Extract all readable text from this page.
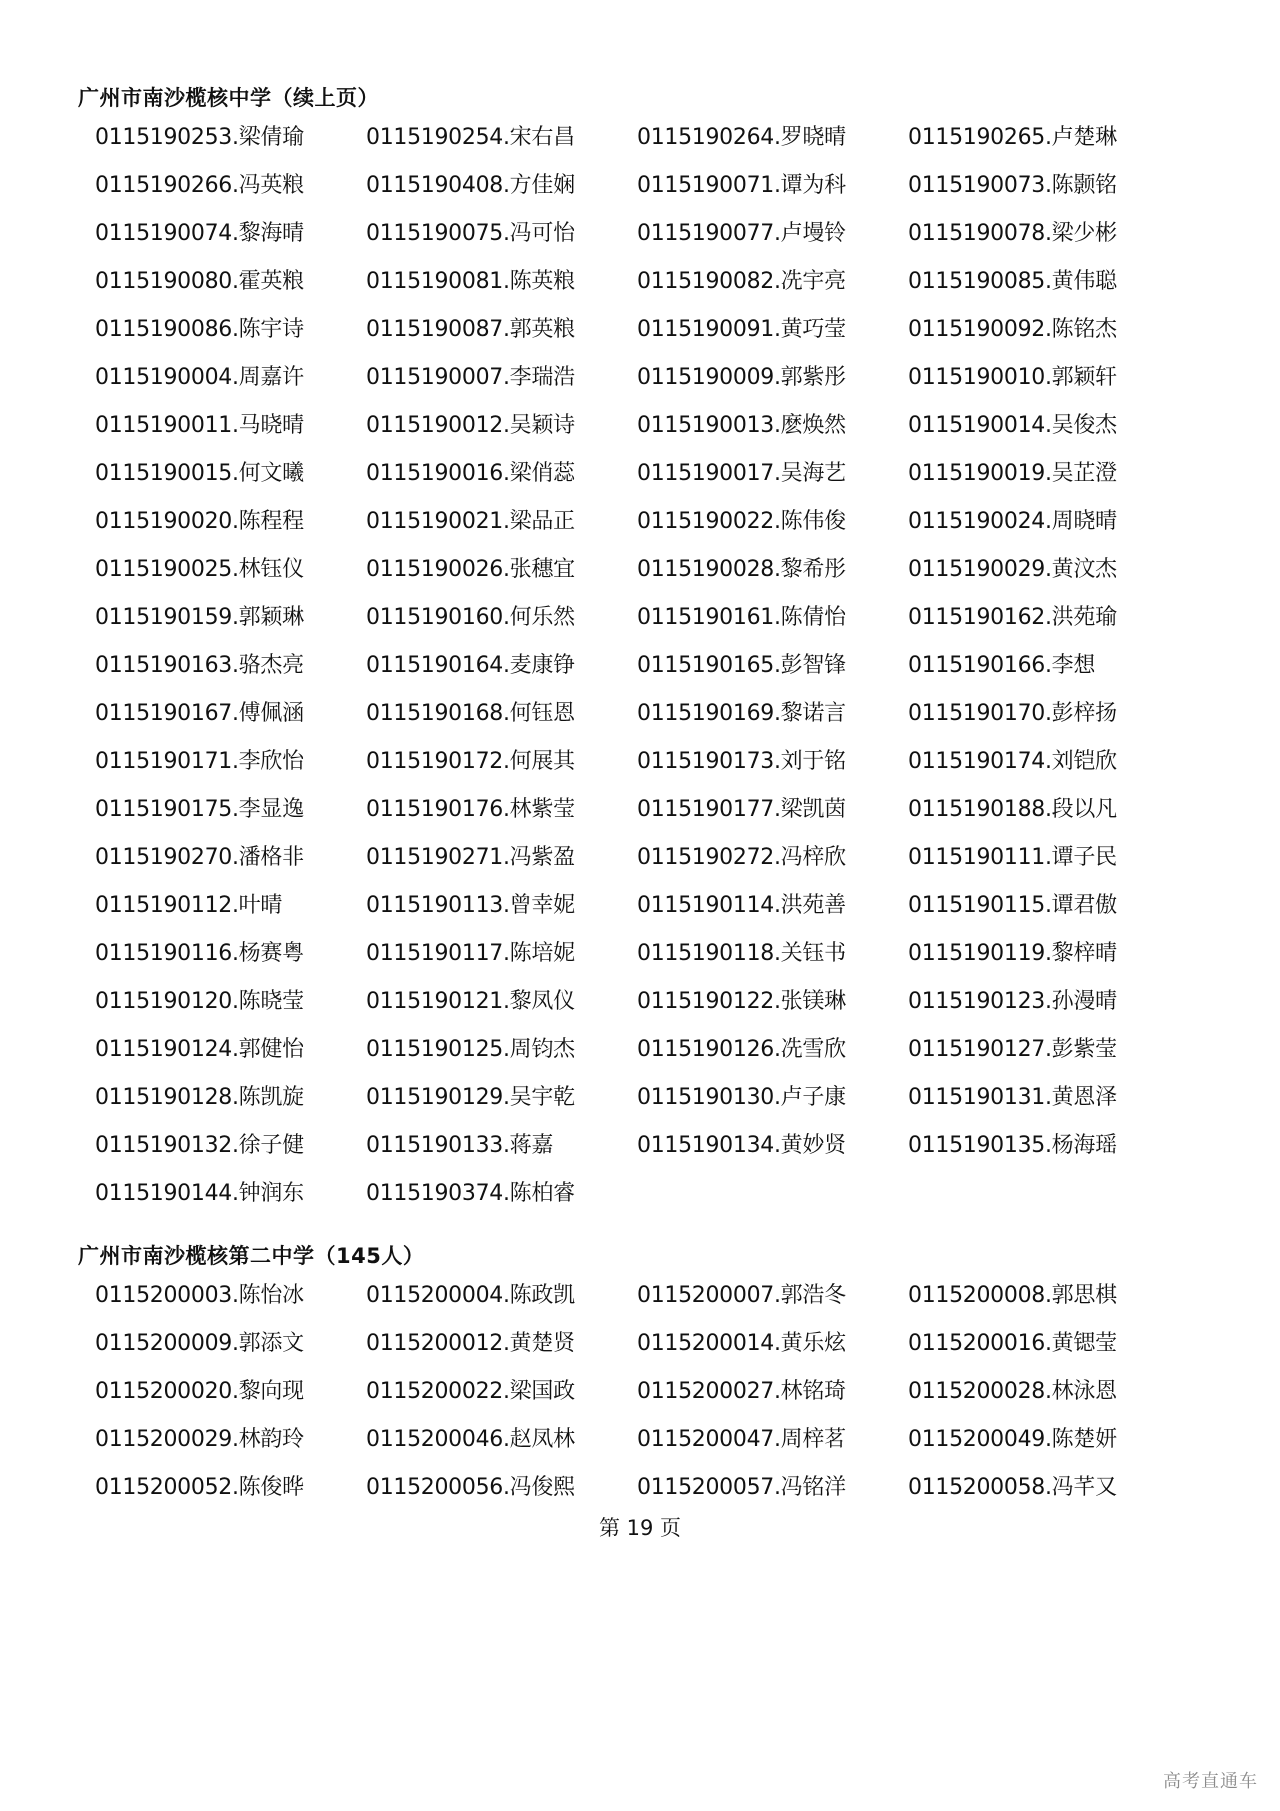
广州市南沙榄核中学（续上页）
0115190253.梁倩瑜	0115190254.宋右昌	0115190264.罗晓晴	0115190265.卢楚琳
0115190266.冯英粮	0115190408.方佳娴	0115190071.谭为科	0115190073.陈颢铭
0115190074.黎海晴	0115190075.冯可怡	0115190077.卢墁铃	0115190078.梁少彬
0115190080.霍英粮	0115190081.陈英粮	0115190082.冼宇亮	0115190085.黄伟聪
0115190086.陈宇诗	0115190087.郭英粮	0115190091.黄巧莹	0115190092.陈铭杰
0115190004.周嘉许	0115190007.李瑞浩	0115190009.郭紫彤	0115190010.郭颖轩
0115190011.马晓晴	0115190012.吴颖诗	0115190013.麽焕然	0115190014.吴俊杰
0115190015.何文曦	0115190016.梁俏蕊	0115190017.吴海艺	0115190019.吴芷澄
0115190020.陈程程	0115190021.梁品正	0115190022.陈伟俊	0115190024.周晓晴
0115190025.林钰仪	0115190026.张穗宜	0115190028.黎希彤	0115190029.黄汶杰
0115190159.郭颖琳	0115190160.何乐然	0115190161.陈倩怡	0115190162.洪苑瑜
0115190163.骆杰亮	0115190164.麦康铮	0115190165.彭智锋	0115190166.李想
0115190167.傅佩涵	0115190168.何钰恩	0115190169.黎诺言	0115190170.彭梓扬
0115190171.李欣怡	0115190172.何展其	0115190173.刘于铭	0115190174.刘铠欣
0115190175.李显逸	0115190176.林紫莹	0115190177.梁凯茵	0115190188.段以凡
0115190270.潘格非	0115190271.冯紫盈	0115190272.冯梓欣	0115190111.谭子民
0115190112.叶晴	0115190113.曾幸妮	0115190114.洪苑善	0115190115.谭君傲
0115190116.杨赛粤	0115190117.陈培妮	0115190118.关钰书	0115190119.黎梓晴
0115190120.陈晓莹	0115190121.黎凤仪	0115190122.张镁琳	0115190123.孙漫晴
0115190124.郭健怡	0115190125.周钧杰	0115190126.冼雪欣	0115190127.彭紫莹
0115190128.陈凯旋	0115190129.吴宇乾	0115190130.卢子康	0115190131.黄恩泽
0115190132.徐子健	0115190133.蒋嘉	0115190134.黄妙贤	0115190135.杨海瑶
0115190144.钟润东	0115190374.陈柏睿
广州市南沙榄核第二中学（145人）
0115200003.陈怡冰	0115200004.陈政凯	0115200007.郭浩冬	0115200008.郭思棋
0115200009.郭添文	0115200012.黄楚贤	0115200014.黄乐炫	0115200016.黄锶莹
0115200020.黎向现	0115200022.梁国政	0115200027.林铭琦	0115200028.林泳恩
0115200029.林韵玲	0115200046.赵凤林	0115200047.周梓茗	0115200049.陈楚妍
0115200052.陈俊晔	0115200056.冯俊熙	0115200057.冯铭洋	0115200058.冯芊又
第 19 页
高考直通车
